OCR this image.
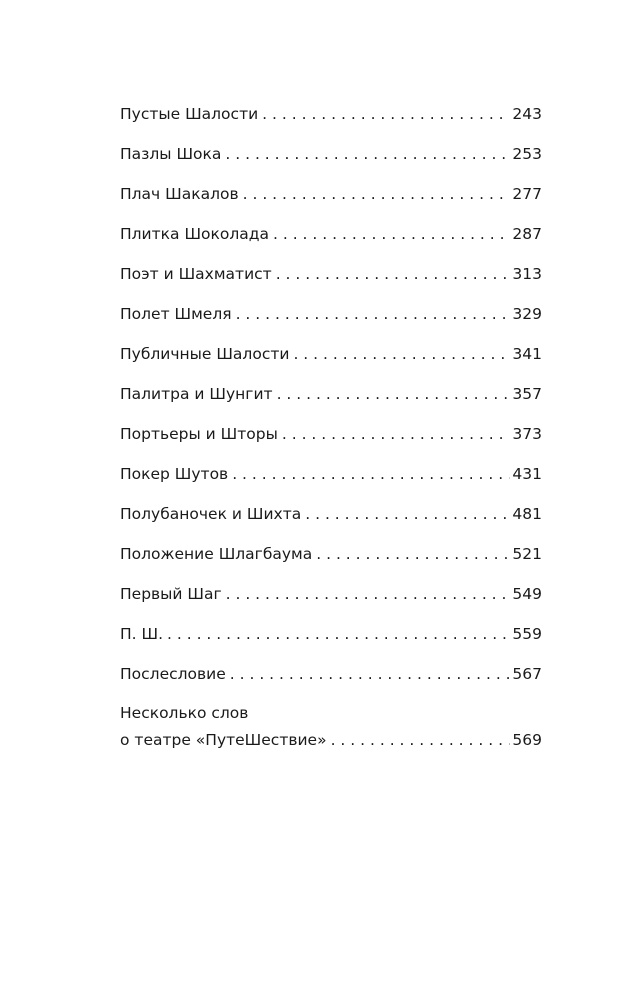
Пустые Шалости . . .	243
Пазлы Шока . . .	253
Плач Шакалов . . .	277
Плитка Шоколада . . .	287
Поэт и Шахматист . . .	313
Полет Шмеля . . .	329
Публичные Шалости . . .	341
Палитра и Шунгит . . .	357
Портьеры и Шторы . . .	373
Покер Шутов . . .	431
Полубаночек и Шихта . . .	481
Положение Шлагбаума . . .	521
Первый Шаг . . .	549
П. Ш. . . .	559
Послесловие . . .	567
Несколько слов
о театре «ПутеШествие» . . .	569
